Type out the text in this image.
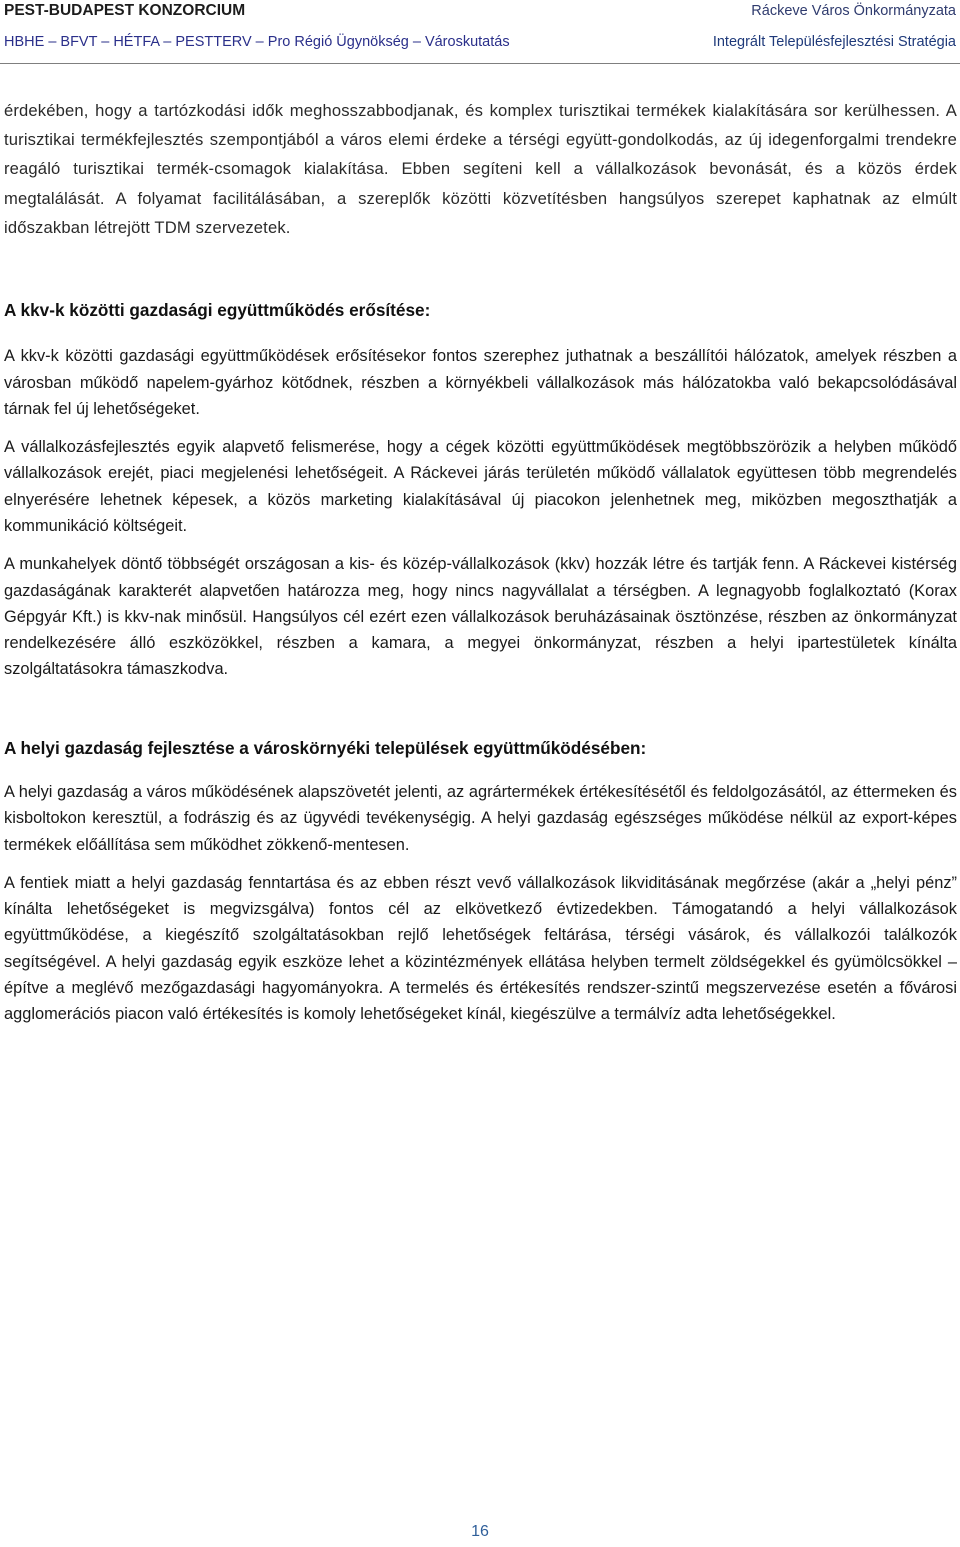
PEST-BUDAPEST KONZORCIUM	Ráckeve Város Önkormányzata
HBHE – BFVT – HÉTFA – PESTTERV – Pro Régió Ügynökség – Városkutatás	Integrált Településfejlesztési Stratégia

érdekében, hogy a tartózkodási idők meghosszabbodjanak, és komplex turisztikai termékek kialakítására sor kerülhessen. A turisztikai termékfejlesztés szempontjából a város elemi érdeke a térségi együtt-gondolkodás, az új idegenforgalmi trendekre reagáló turisztikai termék-csomagok kialakítása. Ebben segíteni kell a vállalkozások bevonását, és a közös érdek megtalálását. A folyamat facilitálásában, a szereplők közötti közvetítésben hangsúlyos szerepet kaphatnak az elmúlt időszakban létrejött TDM szervezetek.

A kkv-k közötti gazdasági együttműködés erősítése:

A kkv-k közötti gazdasági együttműködések erősítésekor fontos szerephez juthatnak a beszállítói hálózatok, amelyek részben a városban működő napelem-gyárhoz kötődnek, részben a környékbeli vállalkozások más hálózatokba való bekapcsolódásával tárnak fel új lehetőségeket.

A vállalkozásfejlesztés egyik alapvető felismerése, hogy a cégek közötti együttműködések megtöbbszörözik a helyben működő vállalkozások erejét, piaci megjelenési lehetőségeit. A Ráckevei járás területén működő vállalatok együttesen több megrendelés elnyerésére lehetnek képesek, a közös marketing kialakításával új piacokon jelenhetnek meg, miközben megoszthatják a kommunikáció költségeit.

A munkahelyek döntő többségét országosan a kis- és közép-vállalkozások (kkv) hozzák létre és tartják fenn. A Ráckevei kistérség gazdaságának karakterét alapvetően határozza meg, hogy nincs nagyvállalat a térségben. A legnagyobb foglalkoztató (Korax Gépgyár Kft.) is kkv-nak minősül. Hangsúlyos cél ezért ezen vállalkozások beruházásainak ösztönzése, részben az önkormányzat rendelkezésére álló eszközökkel, részben a kamara, a megyei önkormányzat, részben a helyi ipartestületek kínálta szolgáltatásokra támaszkodva.

A helyi gazdaság fejlesztése a városkörnyéki települések együttműködésében:

A helyi gazdaság a város működésének alapszövetét jelenti, az agrártermékek értékesítésétől és feldolgozásától, az éttermeken és kisboltokon keresztül, a fodrászig és az ügyvédi tevékenységig. A helyi gazdaság egészséges működése nélkül az export-képes termékek előállítása sem működhet zökkenő-mentesen.

A fentiek miatt a helyi gazdaság fenntartása és az ebben részt vevő vállalkozások likviditásának megőrzése (akár a „helyi pénz” kínálta lehetőségeket is megvizsgálva) fontos cél az elkövetkező évtizedekben. Támogatandó a helyi vállalkozások együttműködése, a kiegészítő szolgáltatásokban rejlő lehetőségek feltárása, térségi vásárok, és vállalkozói találkozók segítségével. A helyi gazdaság egyik eszköze lehet a közintézmények ellátása helyben termelt zöldségekkel és gyümölcsökkel – építve a meglévő mezőgazdasági hagyományokra. A termelés és értékesítés rendszer-szintű megszervezése esetén a fővárosi agglomerációs piacon való értékesítés is komoly lehetőségeket kínál, kiegészülve a termálvíz adta lehetőségekkel.

16
